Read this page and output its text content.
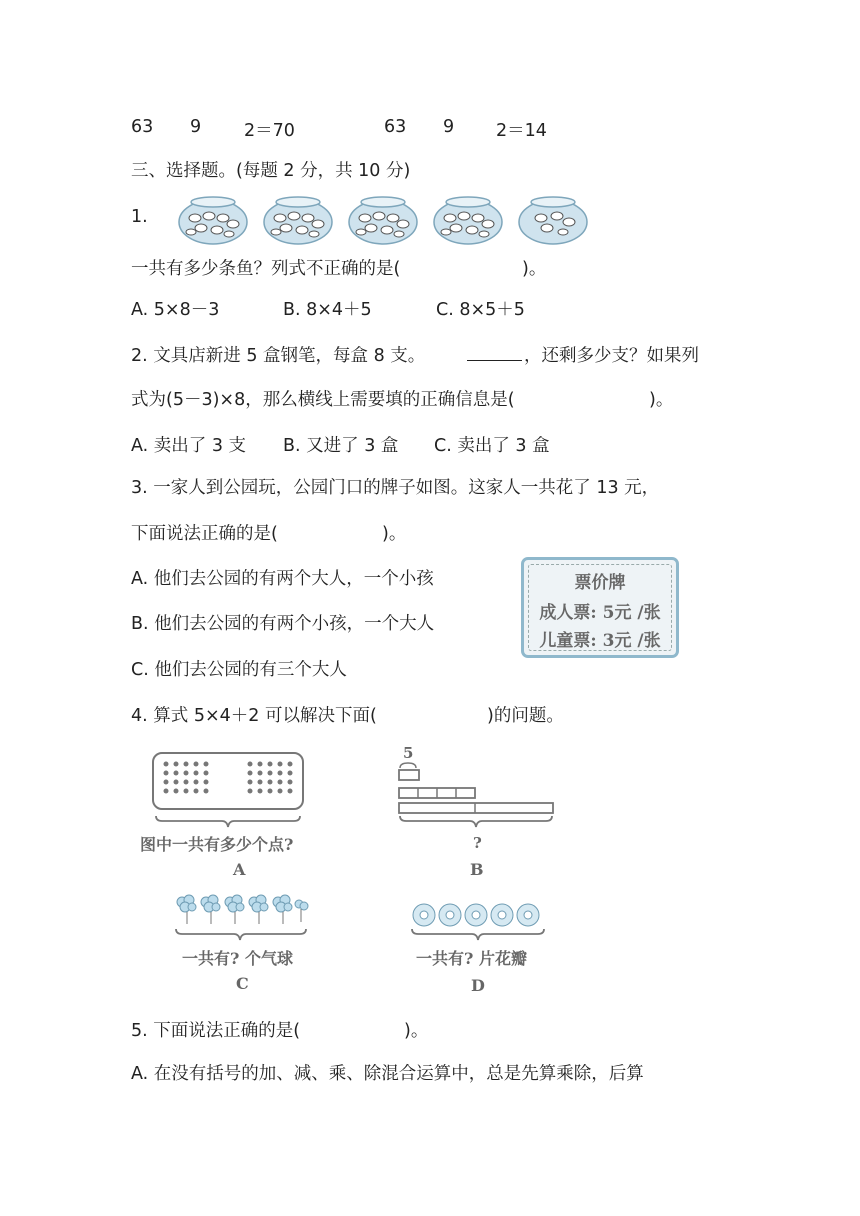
63 9 2＝70	63 9 2＝14
三、选择题。(每题 2 分，共 10 分)
1.
一共有多少条鱼？列式不正确的是(	)。
A. 5×8－3	B. 8×4＋5	C. 8×5＋5
2. 文具店新进 5 盒钢笔，每盒 8 支。	，还剩多少支？如果列
式为(5－3)×8，那么横线上需要填的正确信息是(	)。
A. 卖出了 3 支 B. 又进了 3 盒 C. 卖出了 3 盒
3. 一家人到公园玩，公园门口的牌子如图。这家人一共花了 13 元，
下面说法正确的是(	)。
A. 他们去公园的有两个大人，一个小孩
B. 他们去公园的有两个小孩，一个大人
C. 他们去公园的有三个大人
票价牌
成人票: 5元 /张
儿童票: 3元 /张
4. 算式 5×4＋2 可以解决下面(	)的问题。
图中一共有多少个点?
A
5
?
B
一共有? 个气球
C
一共有? 片花瓣
D
5. 下面说法正确的是(	)。
A. 在没有括号的加、减、乘、除混合运算中，总是先算乘除，后算
